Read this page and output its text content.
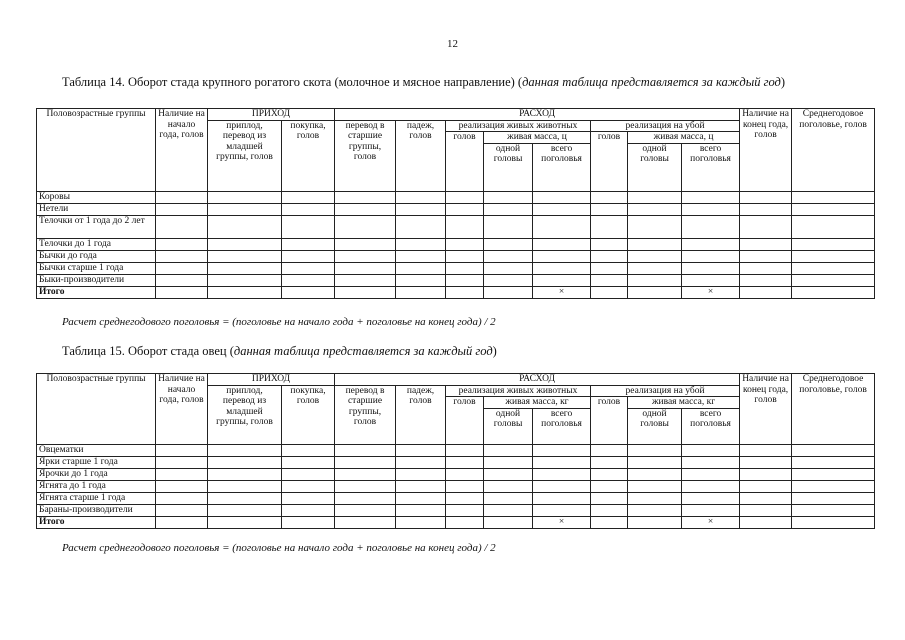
12
Таблица 14. Оборот стада крупного рогатого скота (молочное и мясное направление) (данная таблица представляется за каждый год)
Половозрастные группы	Наличие на начало года, голов	ПРИХОД		РАСХОД								Наличие на конец года, голов	Среднегодовое поголовье, голов
		приплод, перевод из младшей группы, голов	покупка, голов	перевод в старшие группы, голов	падеж, голов	реализация живых животных			реализация на убой				
						голов	живая масса, ц		голов	живая масса, ц			
							одной головы	всего поголовья		одной головы	всего поголовья		
Коровы													
Нетели													
Телочки от 1 года до 2 лет													
Телочки до 1 года													
Бычки до года													
Бычки старше 1 года													
Быки-производители													
Итого								×			×		
Расчет среднегодового поголовья = (поголовье на начало года + поголовье на конец года) / 2
Таблица 15. Оборот стада овец (данная таблица представляется за каждый год)
Половозрастные группы	Наличие на начало года, голов	ПРИХОД		РАСХОД								Наличие на конец года, голов	Среднегодовое поголовье, голов
		приплод, перевод из младшей группы, голов	покупка, голов	перевод в старшие группы, голов	падеж, голов	реализация живых животных			реализация на убой				
						голов	живая масса, кг		голов	живая масса, кг			
							одной головы	всего поголовья		одной головы	всего поголовья		
Овцематки													
Ярки старше 1 года													
Ярочки до 1 года													
Ягнята до 1 года													
Ягнята старше 1 года													
Бараны-производители													
Итого								×			×		
Расчет среднегодового поголовья = (поголовье на начало года + поголовье на конец года) / 2
